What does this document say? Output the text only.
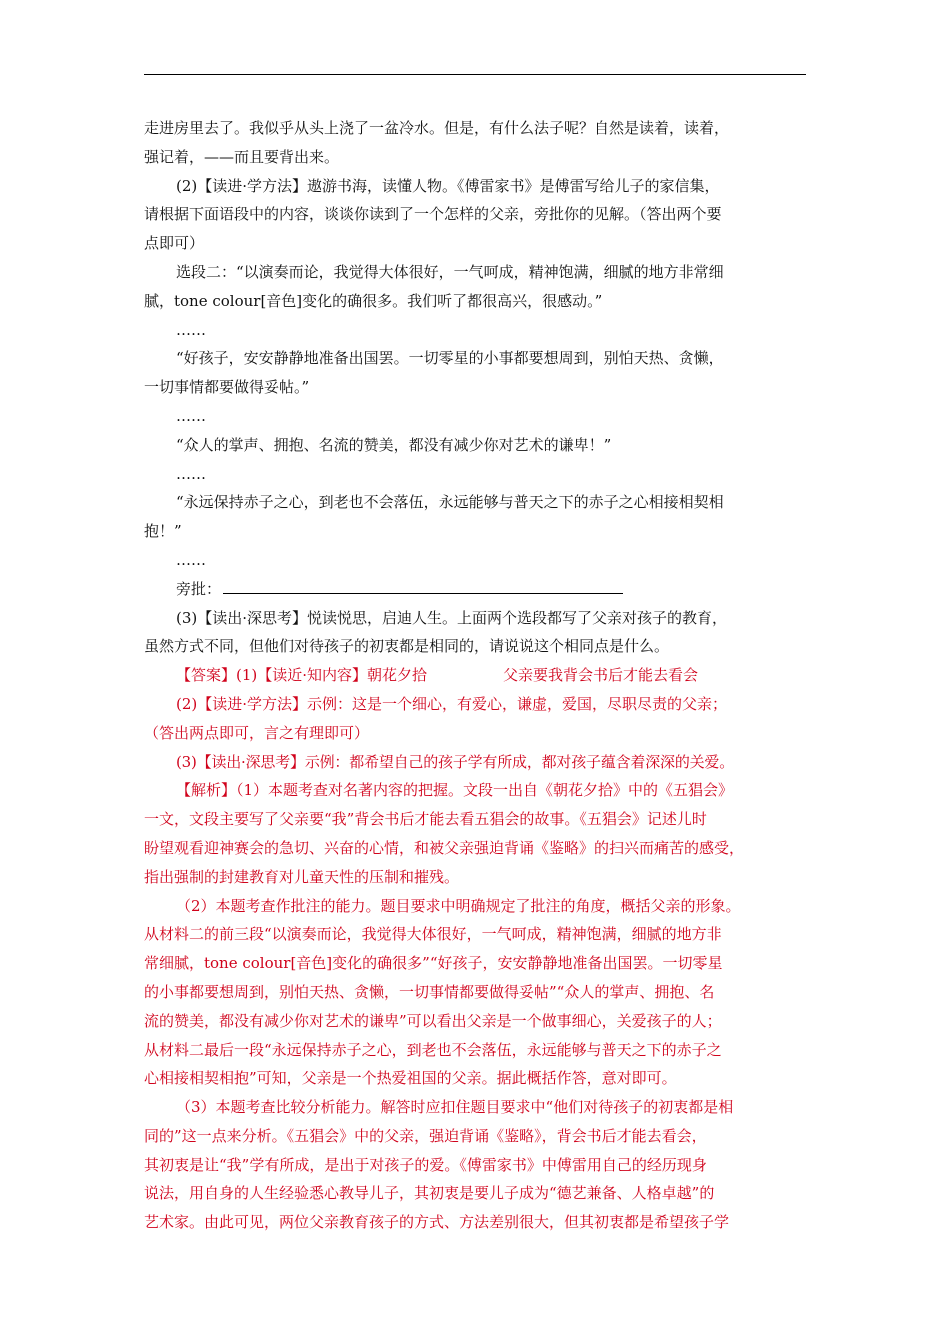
走进房里去了。我似乎从头上浇了一盆冷水。但是，有什么法子呢？自然是读着，读着，
强记着，——而且要背出来。
(2)【读进·学方法】遨游书海，读懂人物。《傅雷家书》是傅雷写给儿子的家信集，
请根据下面语段中的内容，谈谈你读到了一个怎样的父亲，旁批你的见解。（答出两个要
点即可）
选段二：“以演奏而论，我觉得大体很好，一气呵成，精神饱满，细腻的地方非常细
腻，tone colour[音色]变化的确很多。我们听了都很高兴，很感动。”
……
“好孩子，安安静静地准备出国罢。一切零星的小事都要想周到，别怕天热、贪懒，
一切事情都要做得妥帖。”
……
“众人的掌声、拥抱、名流的赞美，都没有减少你对艺术的谦卑！”
……
“永远保持赤子之心，到老也不会落伍，永远能够与普天之下的赤子之心相接相契相
抱！”
……
旁批：
(3)【读出·深思考】悦读悦思，启迪人生。上面两个选段都写了父亲对孩子的教育，
虽然方式不同，但他们对待孩子的初衷都是相同的，请说说这个相同点是什么。
【答案】(1)【读近·知内容】朝花夕拾	父亲要我背会书后才能去看会
(2)【读进·学方法】示例：这是一个细心，有爱心，谦虚，爱国，尽职尽责的父亲；
（答出两点即可，言之有理即可）
(3)【读出·深思考】示例：都希望自己的孩子学有所成，都对孩子蕴含着深深的关爱。
【解析】（1）本题考查对名著内容的把握。文段一出自《朝花夕拾》中的《五猖会》
一文，文段主要写了父亲要“我”背会书后才能去看五猖会的故事。《五猖会》记述儿时
盼望观看迎神赛会的急切、兴奋的心情，和被父亲强迫背诵《鉴略》的扫兴而痛苦的感受，
指出强制的封建教育对儿童天性的压制和摧残。
（2）本题考查作批注的能力。题目要求中明确规定了批注的角度，概括父亲的形象。
从材料二的前三段“以演奏而论，我觉得大体很好，一气呵成，精神饱满，细腻的地方非
常细腻，tone colour[音色]变化的确很多”“好孩子，安安静静地准备出国罢。一切零星
的小事都要想周到，别怕天热、贪懒，一切事情都要做得妥帖”“众人的掌声、拥抱、名
流的赞美，都没有减少你对艺术的谦卑”可以看出父亲是一个做事细心，关爱孩子的人；
从材料二最后一段“永远保持赤子之心，到老也不会落伍，永远能够与普天之下的赤子之
心相接相契相抱”可知，父亲是一个热爱祖国的父亲。据此概括作答，意对即可。
（3）本题考查比较分析能力。解答时应扣住题目要求中“他们对待孩子的初衷都是相
同的”这一点来分析。《五猖会》中的父亲，强迫背诵《鉴略》，背会书后才能去看会，
其初衷是让“我”学有所成，是出于对孩子的爱。《傅雷家书》中傅雷用自己的经历现身
说法，用自身的人生经验悉心教导儿子，其初衷是要儿子成为“德艺兼备、人格卓越”的
艺术家。由此可见，两位父亲教育孩子的方式、方法差别很大，但其初衷都是希望孩子学
